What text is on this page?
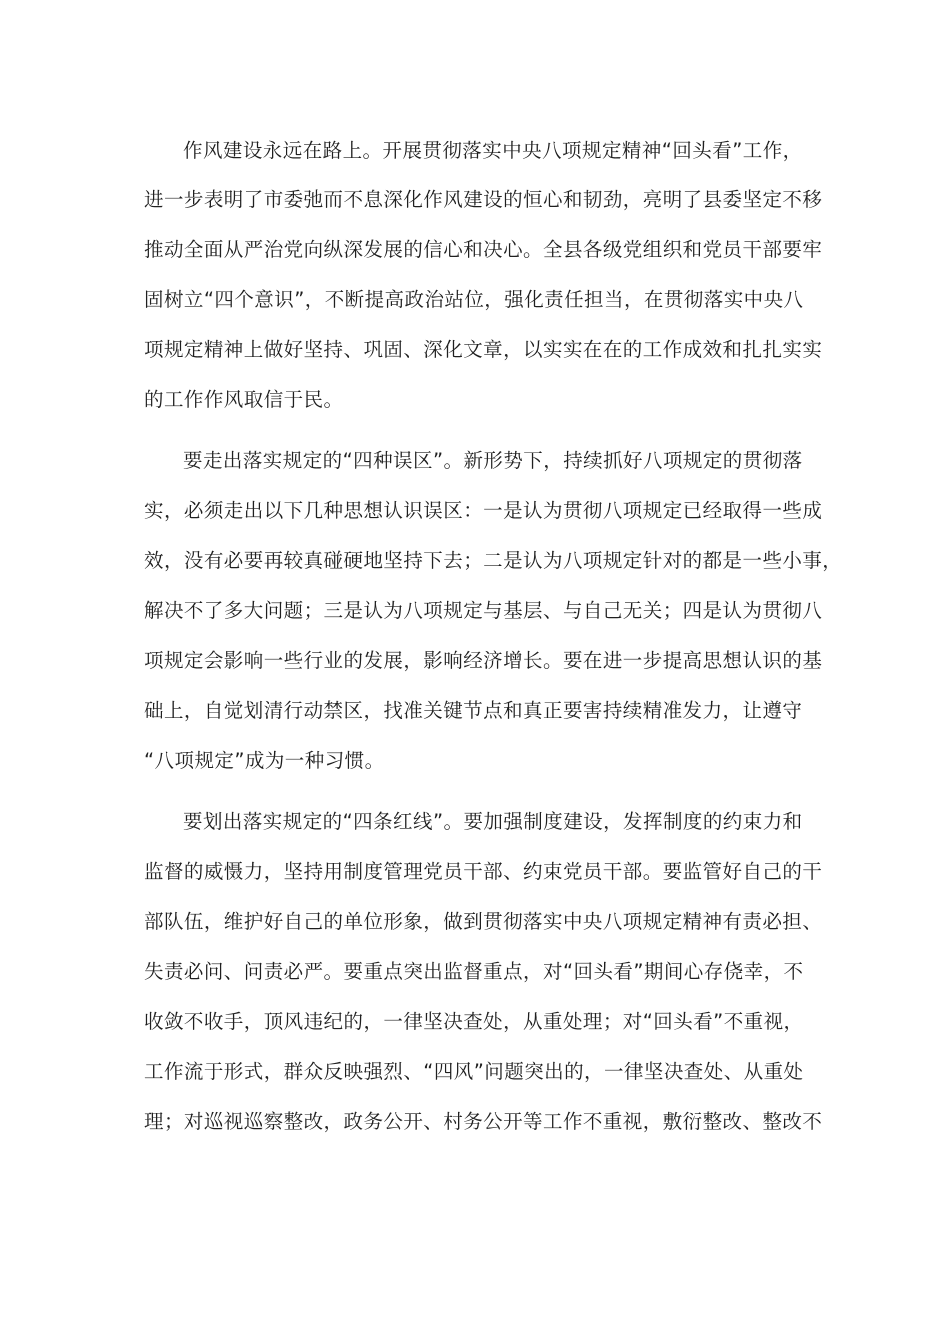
作风建设永远在路上。开展贯彻落实中央八项规定精神“回头看”工作，
进一步表明了市委弛而不息深化作风建设的恒心和韧劲，亮明了县委坚定不移
推动全面从严治党向纵深发展的信心和决心。全县各级党组织和党员干部要牢
固树立“四个意识”，不断提高政治站位，强化责任担当，在贯彻落实中央八
项规定精神上做好坚持、巩固、深化文章，以实实在在的工作成效和扎扎实实
的工作作风取信于民。
要走出落实规定的“四种误区”。新形势下，持续抓好八项规定的贯彻落
实，必须走出以下几种思想认识误区：一是认为贯彻八项规定已经取得一些成
效，没有必要再较真碰硬地坚持下去；二是认为八项规定针对的都是一些小事，
解决不了多大问题；三是认为八项规定与基层、与自己无关；四是认为贯彻八
项规定会影响一些行业的发展，影响经济增长。要在进一步提高思想认识的基
础上，自觉划清行动禁区，找准关键节点和真正要害持续精准发力，让遵守
“八项规定”成为一种习惯。
要划出落实规定的“四条红线”。要加强制度建设，发挥制度的约束力和
监督的威慑力，坚持用制度管理党员干部、约束党员干部。要监管好自己的干
部队伍，维护好自己的单位形象，做到贯彻落实中央八项规定精神有责必担、
失责必问、问责必严。要重点突出监督重点，对“回头看”期间心存侥幸，不
收敛不收手，顶风违纪的，一律坚决查处，从重处理；对“回头看”不重视，
工作流于形式，群众反映强烈、“四风”问题突出的，一律坚决查处、从重处
理；对巡视巡察整改，政务公开、村务公开等工作不重视，敷衍整改、整改不
